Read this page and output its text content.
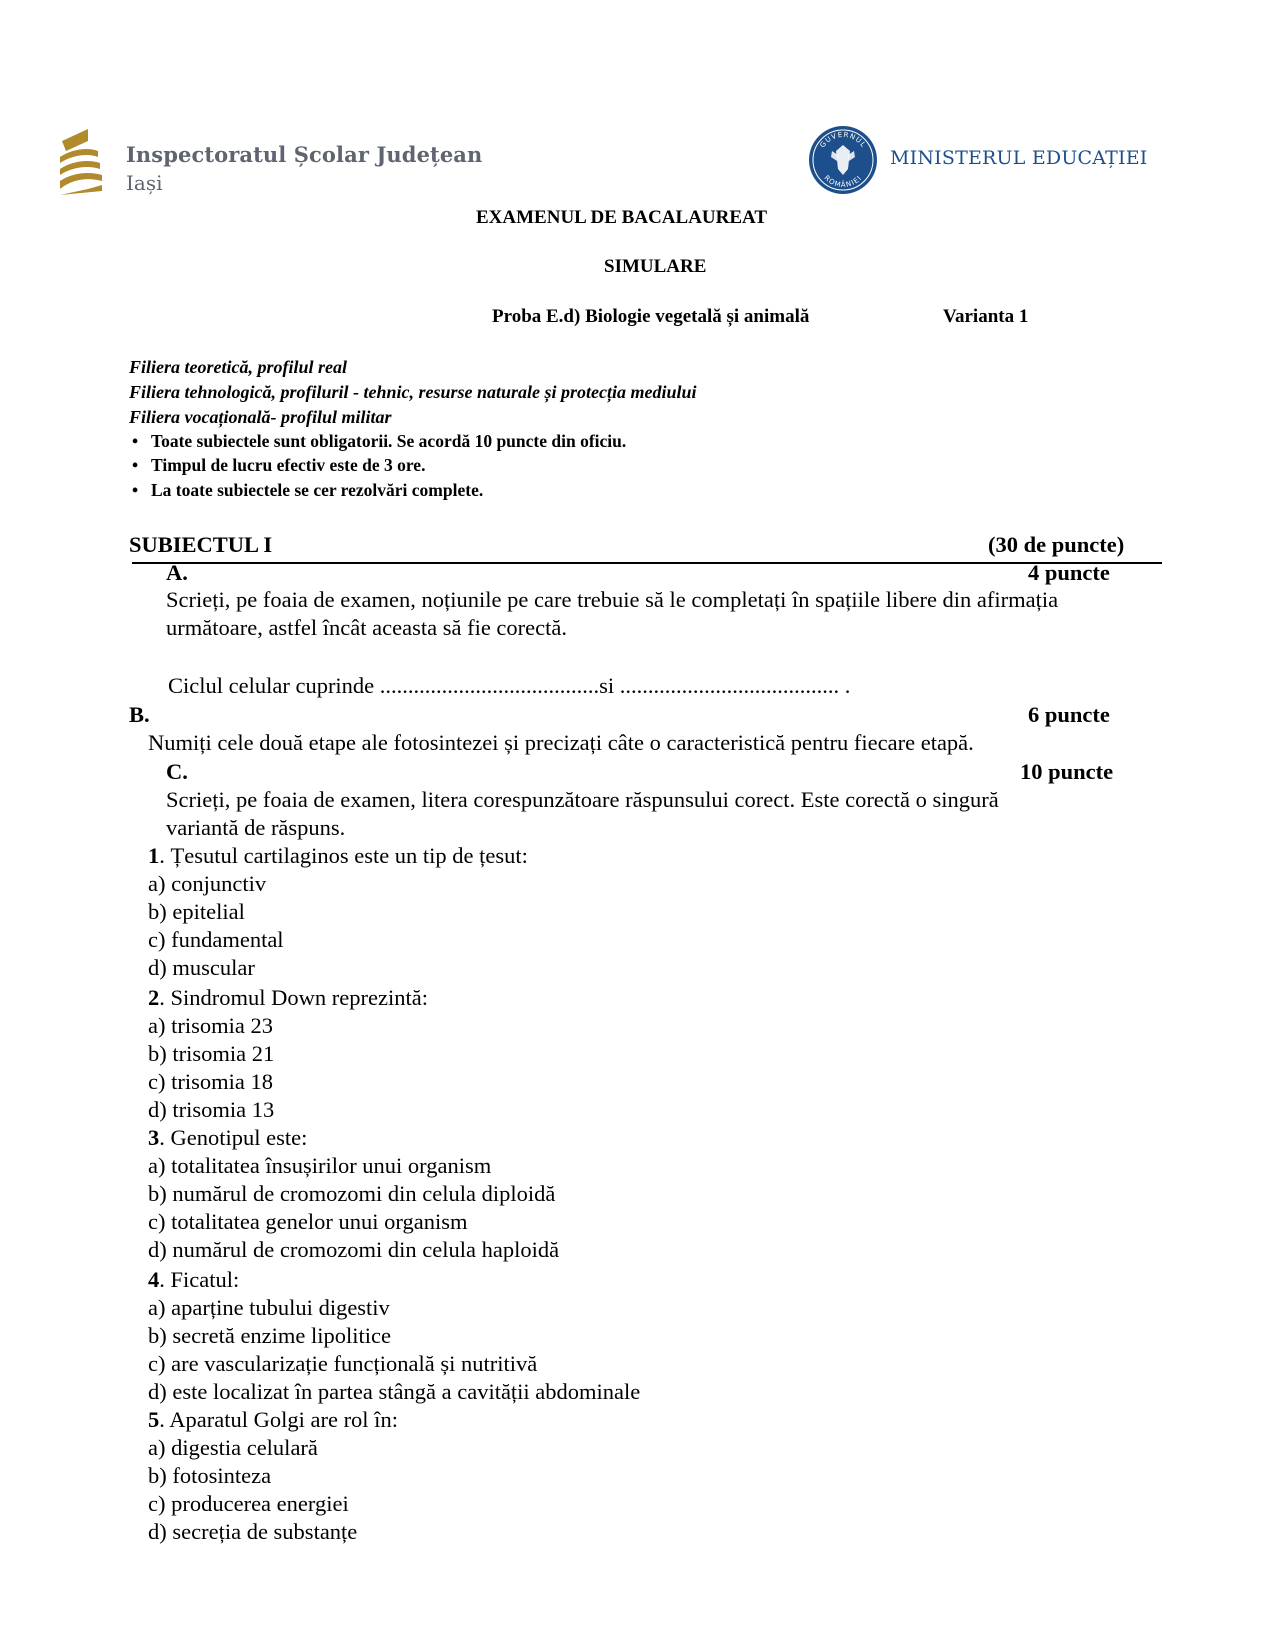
Inspectoratul Școlar Județean
Iași
GUVERNUL
ROMÂNIEI
MINISTERUL EDUCAȚIEI
EXAMENUL DE BACALAUREAT
SIMULARE
Proba E.d) Biologie vegetală și animală	Varianta 1
Filiera teoretică, profilul real
Filiera tehnologică, profiluril - tehnic, resurse naturale și protecția mediului
Filiera vocațională- profilul militar
• Toate subiectele sunt obligatorii. Se acordă 10 puncte din oficiu.
• Timpul de lucru efectiv este de 3 ore.
• La toate subiectele se cer rezolvări complete.
SUBIECTUL I	(30 de puncte)
A.	4 puncte
Scrieți, pe foaia de examen, noțiunile pe care trebuie să le completați în spațiile libere din afirmația
următoare, astfel încât aceasta să fie corectă.
Ciclul celular cuprinde .......................................si ....................................... .
B.	6 puncte
Numiți cele două etape ale fotosintezei și precizați câte o caracteristică pentru fiecare etapă.
C.	10 puncte
Scrieți, pe foaia de examen, litera corespunzătoare răspunsului corect. Este corectă o singură
variantă de răspuns.
1. Țesutul cartilaginos este un tip de țesut:
a) conjunctiv
b) epitelial
c) fundamental
d) muscular
2. Sindromul Down reprezintă:
a) trisomia 23
b) trisomia 21
c) trisomia 18
d) trisomia 13
3. Genotipul este:
a) totalitatea însușirilor unui organism
b) numărul de cromozomi din celula diploidă
c) totalitatea genelor unui organism
d) numărul de cromozomi din celula haploidă
4. Ficatul:
a) aparține tubului digestiv
b) secretă enzime lipolitice
c) are vascularizație funcțională și nutritivă
d) este localizat în partea stângă a cavității abdominale
5. Aparatul Golgi are rol în:
a) digestia celulară
b) fotosinteza
c) producerea energiei
d) secreția de substanțe
